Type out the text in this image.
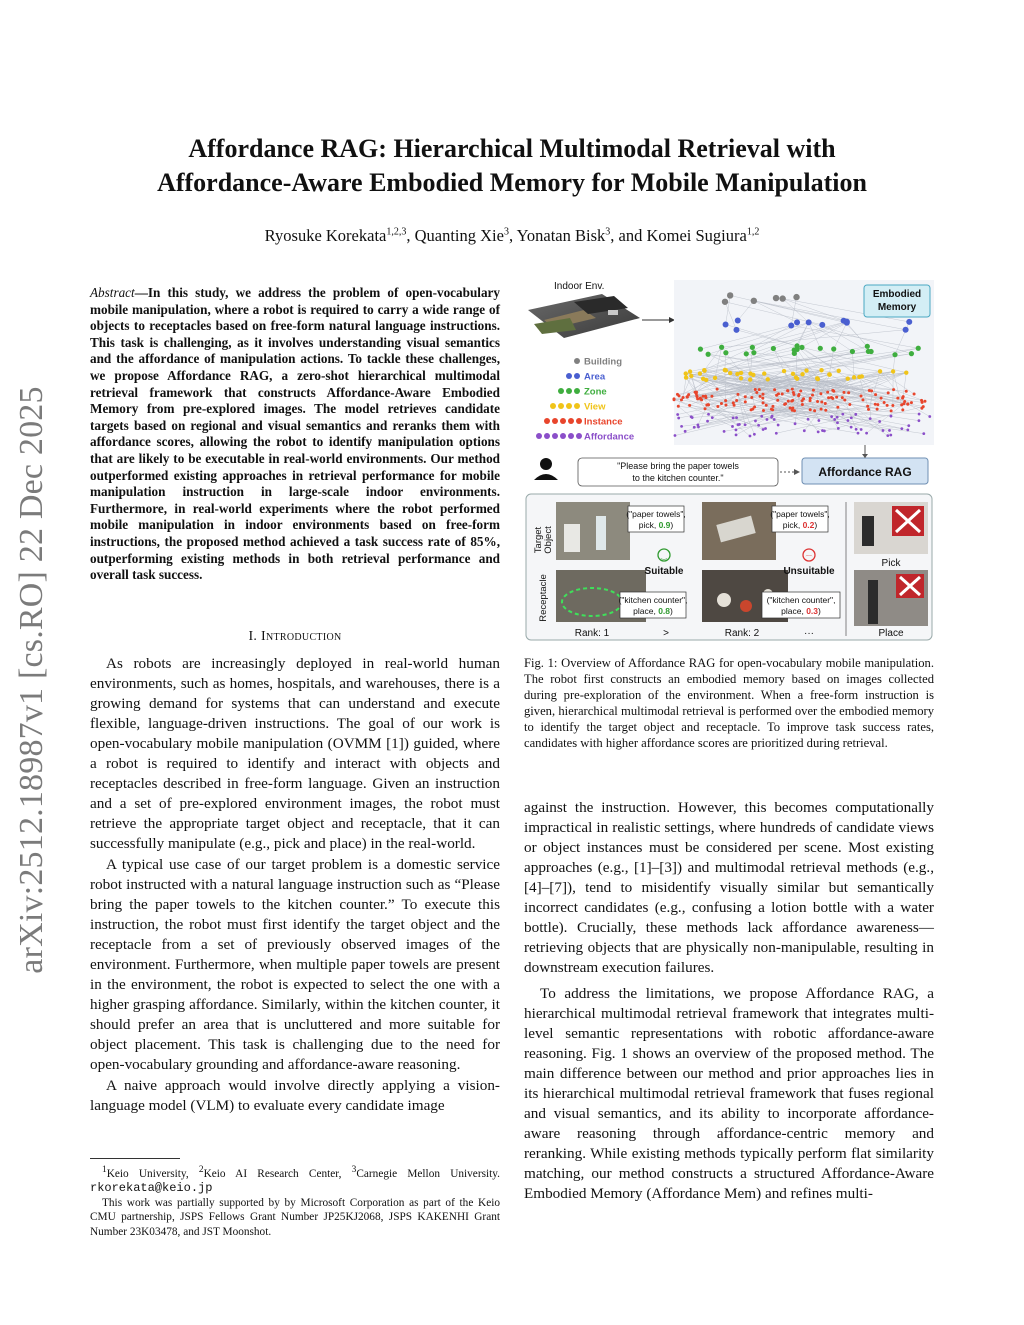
arXiv:2512.18987v1 [cs.RO] 22 Dec 2025
Affordance RAG: Hierarchical Multimodal Retrieval with
Affordance-Aware Embodied Memory for Mobile Manipulation
Ryosuke Korekata$^{1,2,3}$, Quanting Xie$^3$, Yonatan Bisk$^3$, and Komei Sugiura$^{1,2}$
Abstract—In this study, we address the problem of open-vocabulary mobile manipulation, where a robot is required to carry a wide range of objects to receptacles based on free-form natural language instructions. This task is challenging, as it involves understanding visual semantics and the affordance of manipulation actions. To tackle these challenges, we propose Affordance RAG, a zero-shot hierarchical multimodal retrieval framework that constructs Affordance-Aware Embodied Memory from pre-explored images. The model retrieves candidate targets based on regional and visual semantics and reranks them with affordance scores, allowing the robot to identify manipulation options that are likely to be executable in real-world environments. Our method outperformed existing approaches in retrieval performance for mobile manipulation instruction in large-scale indoor environments. Furthermore, in real-world experiments where the robot performed mobile manipulation in indoor environments based on free-form instructions, the proposed method achieved a task success rate of 85%, outperforming existing methods in both retrieval performance and overall task success.
I. Introduction

As robots are increasingly deployed in real-world human environments, such as homes, hospitals, and warehouses, there is a growing demand for systems that can understand and execute flexible, language-driven instructions. The goal of our work is open-vocabulary mobile manipulation (OVMM [1]) guided, where a robot is required to identify and interact with objects and receptacles described in free-form language. Given an instruction and a set of pre-explored environment images, the robot must retrieve the appropriate target object and receptacle, that it can successfully manipulate (e.g., pick and place) in the real-world.

A typical use case of our target problem is a domestic service robot instructed with a natural language instruction such as “Please bring the paper towels to the kitchen counter.” To execute this instruction, the robot must first identify the target object and the receptacle from a set of previously observed images of the environment. Furthermore, when multiple paper towels are present in the environment, the robot is expected to select the one with a higher grasping affordance. Similarly, within the kitchen counter, it should prefer an area that is uncluttered and more suitable for object placement. This task is challenging due to the need for open-vocabulary grounding and affordance-aware reasoning.

A naive approach would involve directly applying a vision-language model (VLM) to evaluate every candidate image

$^1$Keio University, $^2$Keio AI Research Center, $^3$Carnegie Mellon University. rkorekata@keio.jp

This work was partially supported by by Microsoft Corporation as part of the Keio CMU partnership, JSPS Fellows Grant Number JP25KJ2068, JSPS KAKENHI Grant Number 23K03478, and JST Moonshot.

Indoor Env.
Embodied
Memory
Building
Area
Zone
View
Instance
Affordance
"Please bring the paper towels
to the kitchen counter."	Affordance RAG
Target Object
Receptacle
("paper towels",
pick, 0.9)
("paper towels",
pick, 0.2)
("kitchen counter",
place, 0.8)
("kitchen counter",
place, 0.3)
‿
Suitable
⌒
Unsuitable
Rank: 1	>	Rank: 2	···
Pick
Place
Fig. 1: Overview of Affordance RAG for open-vocabulary mobile manipulation. The robot first constructs an embodied memory based on images collected during pre-exploration of the environment. When a free-form instruction is given, hierarchical multimodal retrieval is performed over the embodied memory to identify the target object and receptacle. To improve task success rates, candidates with higher affordance scores are prioritized during retrieval.

against the instruction. However, this becomes computationally impractical in realistic settings, where hundreds of candidate views or object instances must be considered per scene. Most existing approaches (e.g., [1]–[3]) and multimodal retrieval methods (e.g., [4]–[7]), tend to misidentify visually similar but semantically incorrect candidates (e.g., confusing a lotion bottle with a water bottle). Crucially, these methods lack affordance awareness—retrieving objects that are physically non-manipulable, resulting in downstream execution failures.

To address the limitations, we propose Affordance RAG, a hierarchical multimodal retrieval framework that integrates multi-level semantic representations with robotic affordance-aware reasoning. Fig. 1 shows an overview of the proposed method. The main difference between our method and prior approaches lies in its hierarchical multimodal retrieval framework that fuses regional and visual semantics, and its ability to incorporate affordance-aware reasoning through affordance-centric memory and reranking. While existing methods typically perform flat similarity matching, our method constructs a structured Affordance-Aware Embodied Memory (Affordance Mem) and refines multi-
